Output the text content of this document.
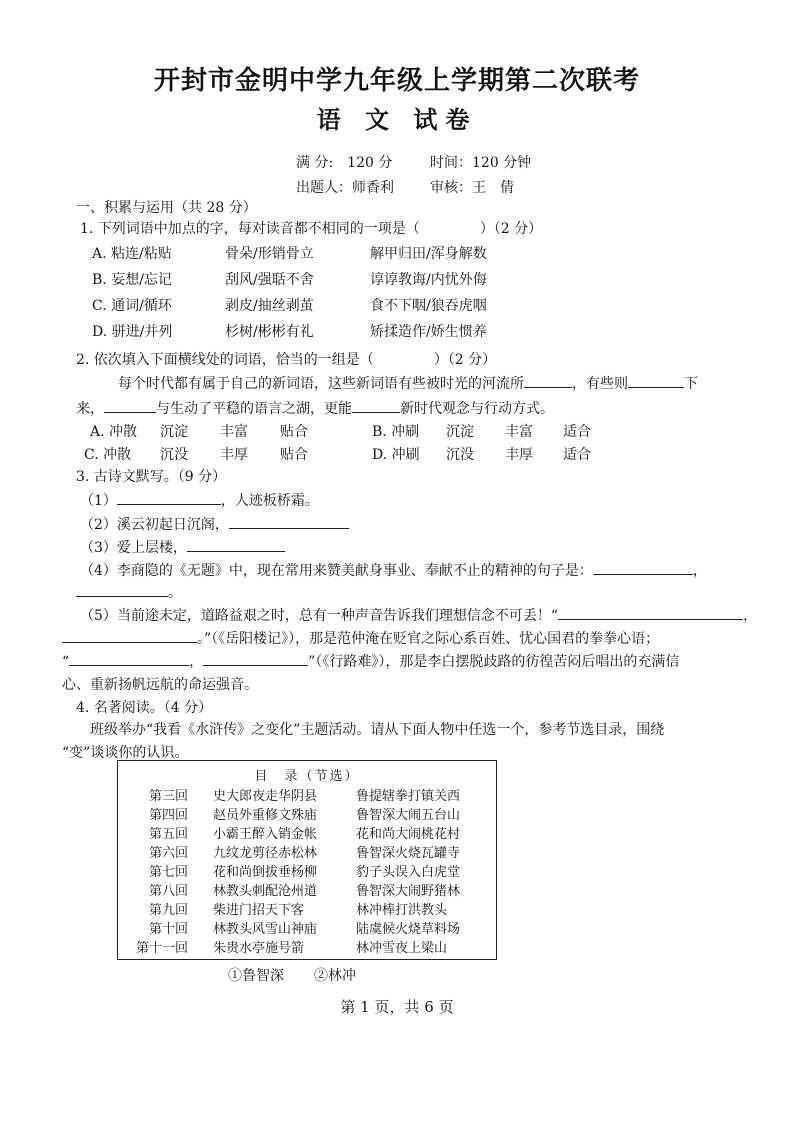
开封市金明中学九年级上学期第二次联考
语 文 试卷
满 分:　120 分	时间：120 分钟
出题人：师香利	审核：王　倩
一、积累与运用（共 28 分）
1. 下列词语中加点的字，每对读音都不相同的一项是（	）（2 分）
A. 粘连/粘贴	骨朵/形销骨立	解甲归田/浑身解数
B. 妄想/忘记	刮风/强聒不舍	谆谆教诲/内忧外侮
C. 通词/循环	剥皮/抽丝剥茧	食不下咽/狼吞虎咽
D. 骈进/并列	杉树/彬彬有礼	矫揉造作/娇生惯养
2. 依次填入下面横线处的词语，恰当的一组是（	）（2 分）
每个时代都有属于自己的新词语，这些新词语有些被时光的河流所	，有些则	下
来，	与生动了平稳的语言之湖，更能	新时代观念与行动方式。
A. 冲散 沉淀 丰富 贴合	B. 冲刷 沉淀 丰富 适合
C. 冲散 沉没 丰厚 贴合	D. 冲刷 沉没 丰厚 适合
3. 古诗文默写。（9 分）
（1）	，人迹板桥霜。
（2）溪云初起日沉阁，
（3）爱上层楼，
（4）李商隐的《无题》中，现在常用来赞美献身事业、奉献不止的精神的句子是：	，
。
（5）当前途未定，道路益艰之时，总有一种声音告诉我们理想信念不可丢！“	，
。”（《岳阳楼记》），那是范仲淹在贬官之际心系百姓、忧心国君的拳拳心语；
“	，	”（《行路难》），那是李白摆脱歧路的彷徨苦闷后唱出的充满信
心、重新扬帆远航的命运强音。
4. 名著阅读。（4 分）
班级举办“我看《水浒传》之变化”主题活动。请从下面人物中任选一个，参考节选目录，围绕
“变”谈谈你的认识。
目　录（节选）
第三回 史大郎夜走华阴县	鲁提辖拳打镇关西
第四回 赵员外重修文殊庙	鲁智深大闹五台山
第五回 小霸王醉入销金帐	花和尚大闹桃花村
第六回 九纹龙剪径赤松林	鲁智深火烧瓦罐寺
第七回 花和尚倒拔垂杨柳	豹子头误入白虎堂
第八回 林教头刺配沧州道	鲁智深大闹野猪林
第九回 柴进门招天下客	林冲棒打洪教头
第十回 林教头风雪山神庙	陆虞候火烧草料场
第十一回 朱贵水亭施号箭	林冲雪夜上梁山
①鲁智深 ②林冲
第 1 页，共 6 页
